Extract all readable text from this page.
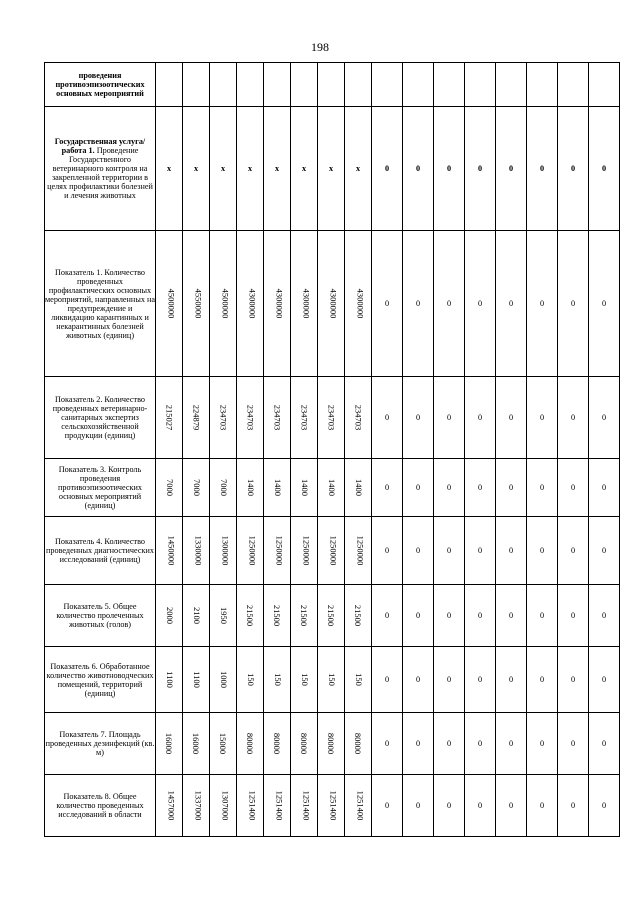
198
проведения противоэпизоотических основных мероприятий																
Государственная услуга/работа 1. Проведение Государственного ветеринарного контроля на закрепленной территории в целях профилактики болезней и лечения животных	х	х	х	х	х	х	х	х	0	0	0	0	0	0	0	0
Показатель 1. Количество проведенных профилактических основных мероприятий, направленных на предупреждение и ликвидацию карантинных и некарантинных болезней животных (единиц)	4500000	4550000	4500000	4300000	4300000	4300000	4300000	4300000	0	0	0	0	0	0	0	0
Показатель 2. Количество проведенных ветеринарно-санитарных экспертиз сельскохозяйственной продукции (единиц)	215027	224879	234703	234703	234703	234703	234703	234703	0	0	0	0	0	0	0	0
Показатель 3. Контроль проведения противоэпизоотических основных мероприятий (единиц)	7000	7000	7000	1400	1400	1400	1400	1400	0	0	0	0	0	0	0	0
Показатель 4. Количество проведенных диагностических исследований (единиц)	1450000	1330000	1300000	1250000	1250000	1250000	1250000	1250000	0	0	0	0	0	0	0	0
Показатель 5. Общее количество пролеченных животных (голов)	2000	2100	1950	21500	21500	21500	21500	21500	0	0	0	0	0	0	0	0
Показатель 6. Обработанное количество животноводческих помещений, территорий (единиц)	1100	1100	1000	150	150	150	150	150	0	0	0	0	0	0	0	0
Показатель 7. Площадь проведенных дезинфекций (кв. м)	16000	16000	15000	80000	80000	80000	80000	80000	0	0	0	0	0	0	0	0
Показатель 8. Общее количество проведенных исследований в области	1457000	1337000	1307000	1251400	1251400	1251400	1251400	1251400	0	0	0	0	0	0	0	0
